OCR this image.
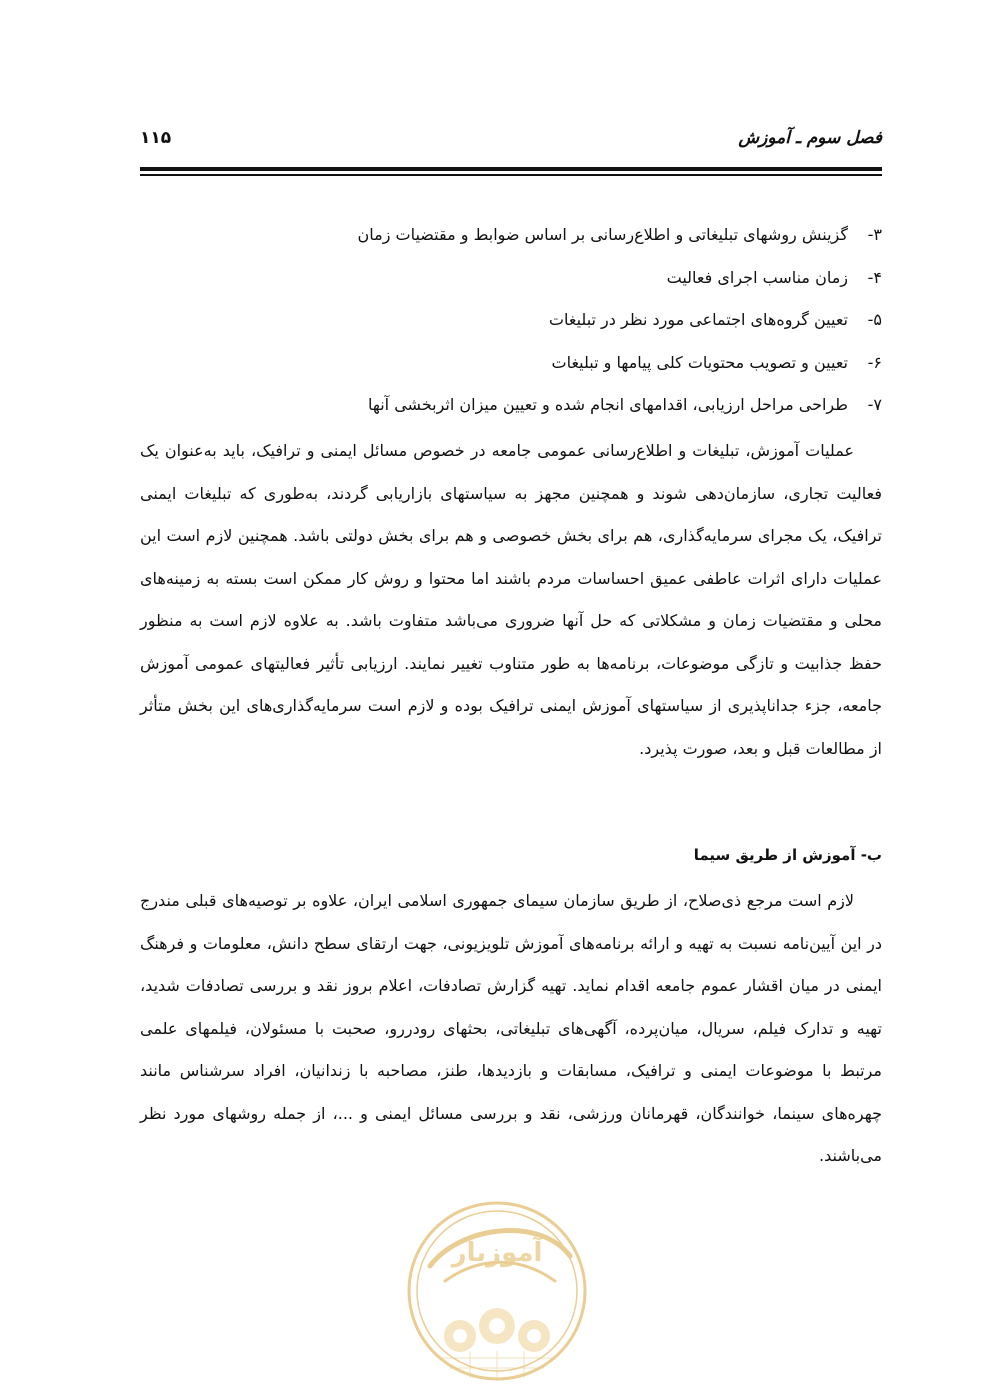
فصل سوم ـ آموزش
۱۱۵
۳-
گزینش روشهای تبلیغاتی و اطلاع‌رسانی بر اساس ضوابط و مقتضیات زمان
۴-
زمان مناسب اجرای فعالیت
۵-
تعیین گروه‌های اجتماعی مورد نظر در تبلیغات
۶-
تعیین و تصویب محتویات کلی پیامها و تبلیغات
۷-
طراحی مراحل ارزیابی، اقدامهای انجام شده و تعیین میزان اثربخشی آنها

عملیات آموزش، تبلیغات و اطلاع‌رسانی عمومی جامعه در خصوص مسائل ایمنی و ترافیک، باید به‌عنوان یک فعالیت تجاری، سازمان‌دهی شوند و همچنین مجهز به سیاستهای بازاریابی گردند، به‌طوری که تبلیغات ایمنی ترافیک، یک مجرای سرمایه‌گذاری، هم برای بخش خصوصی و هم برای بخش دولتی باشد. همچنین لازم است این عملیات دارای اثرات عاطفی عمیق احساسات مردم باشند اما محتوا و روش کار ممکن است بسته به زمینه‌های محلی و مقتضیات زمان و مشکلاتی که حل آنها ضروری می‌باشد متفاوت باشد. به علاوه لازم است به منظور حفظ جذابیت و تازگی موضوعات، برنامه‌ها به طور متناوب تغییر نمایند. ارزیابی تأثیر فعالیتهای عمومی آموزش جامعه، جزء جداناپذیری از سیاستهای آموزش ایمنی ترافیک بوده و لازم است سرمایه‌گذاری‌های این بخش متأثر از مطالعات قبل و بعد، صورت پذیرد.

ب- آموزش از طریق سیما

لازم است مرجع ذی‌صلاح، از طریق سازمان سیمای جمهوری اسلامی ایران، علاوه بر توصیه‌های قبلی مندرج در این آیین‌نامه نسبت به تهیه و ارائه برنامه‌های آموزش تلویزیونی، جهت ارتقای سطح دانش، معلومات و فرهنگ ایمنی در میان اقشار عموم جامعه اقدام نماید. تهیه گزارش تصادفات، اعلام بروز نقد و بررسی تصادفات شدید، تهیه و تدارک فیلم، سریال، میان‌پرده، آگهی‌های تبلیغاتی، بحثهای رودررو، صحبت با مسئولان، فیلمهای علمی مرتبط با موضوعات ایمنی و ترافیک، مسابقات و بازدیدها، طنز، مصاحبه با زندانیان، افراد سرشناس مانند چهره‌های سینما، خوانندگان، قهرمانان ورزشی، نقد و بررسی مسائل ایمنی و ...، از جمله روشهای مورد نظر می‌باشند.

آموزیار
